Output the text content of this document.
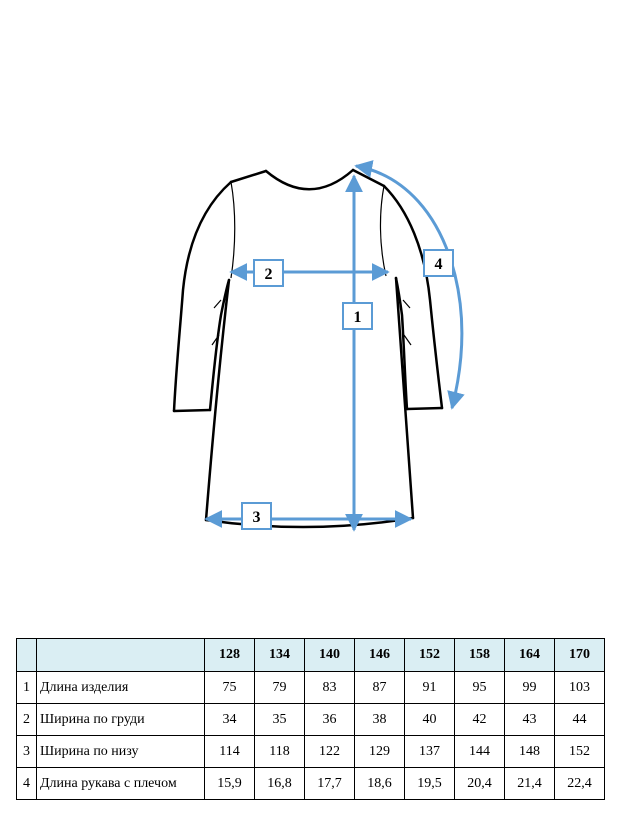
1
2
3
4
		128	134	140	146	152	158	164	170
1	Длина изделия	75	79	83	87	91	95	99	103
2	Ширина по груди	34	35	36	38	40	42	43	44
3	Ширина по низу	114	118	122	129	137	144	148	152
4	Длина рукава с плечом	15,9	16,8	17,7	18,6	19,5	20,4	21,4	22,4
